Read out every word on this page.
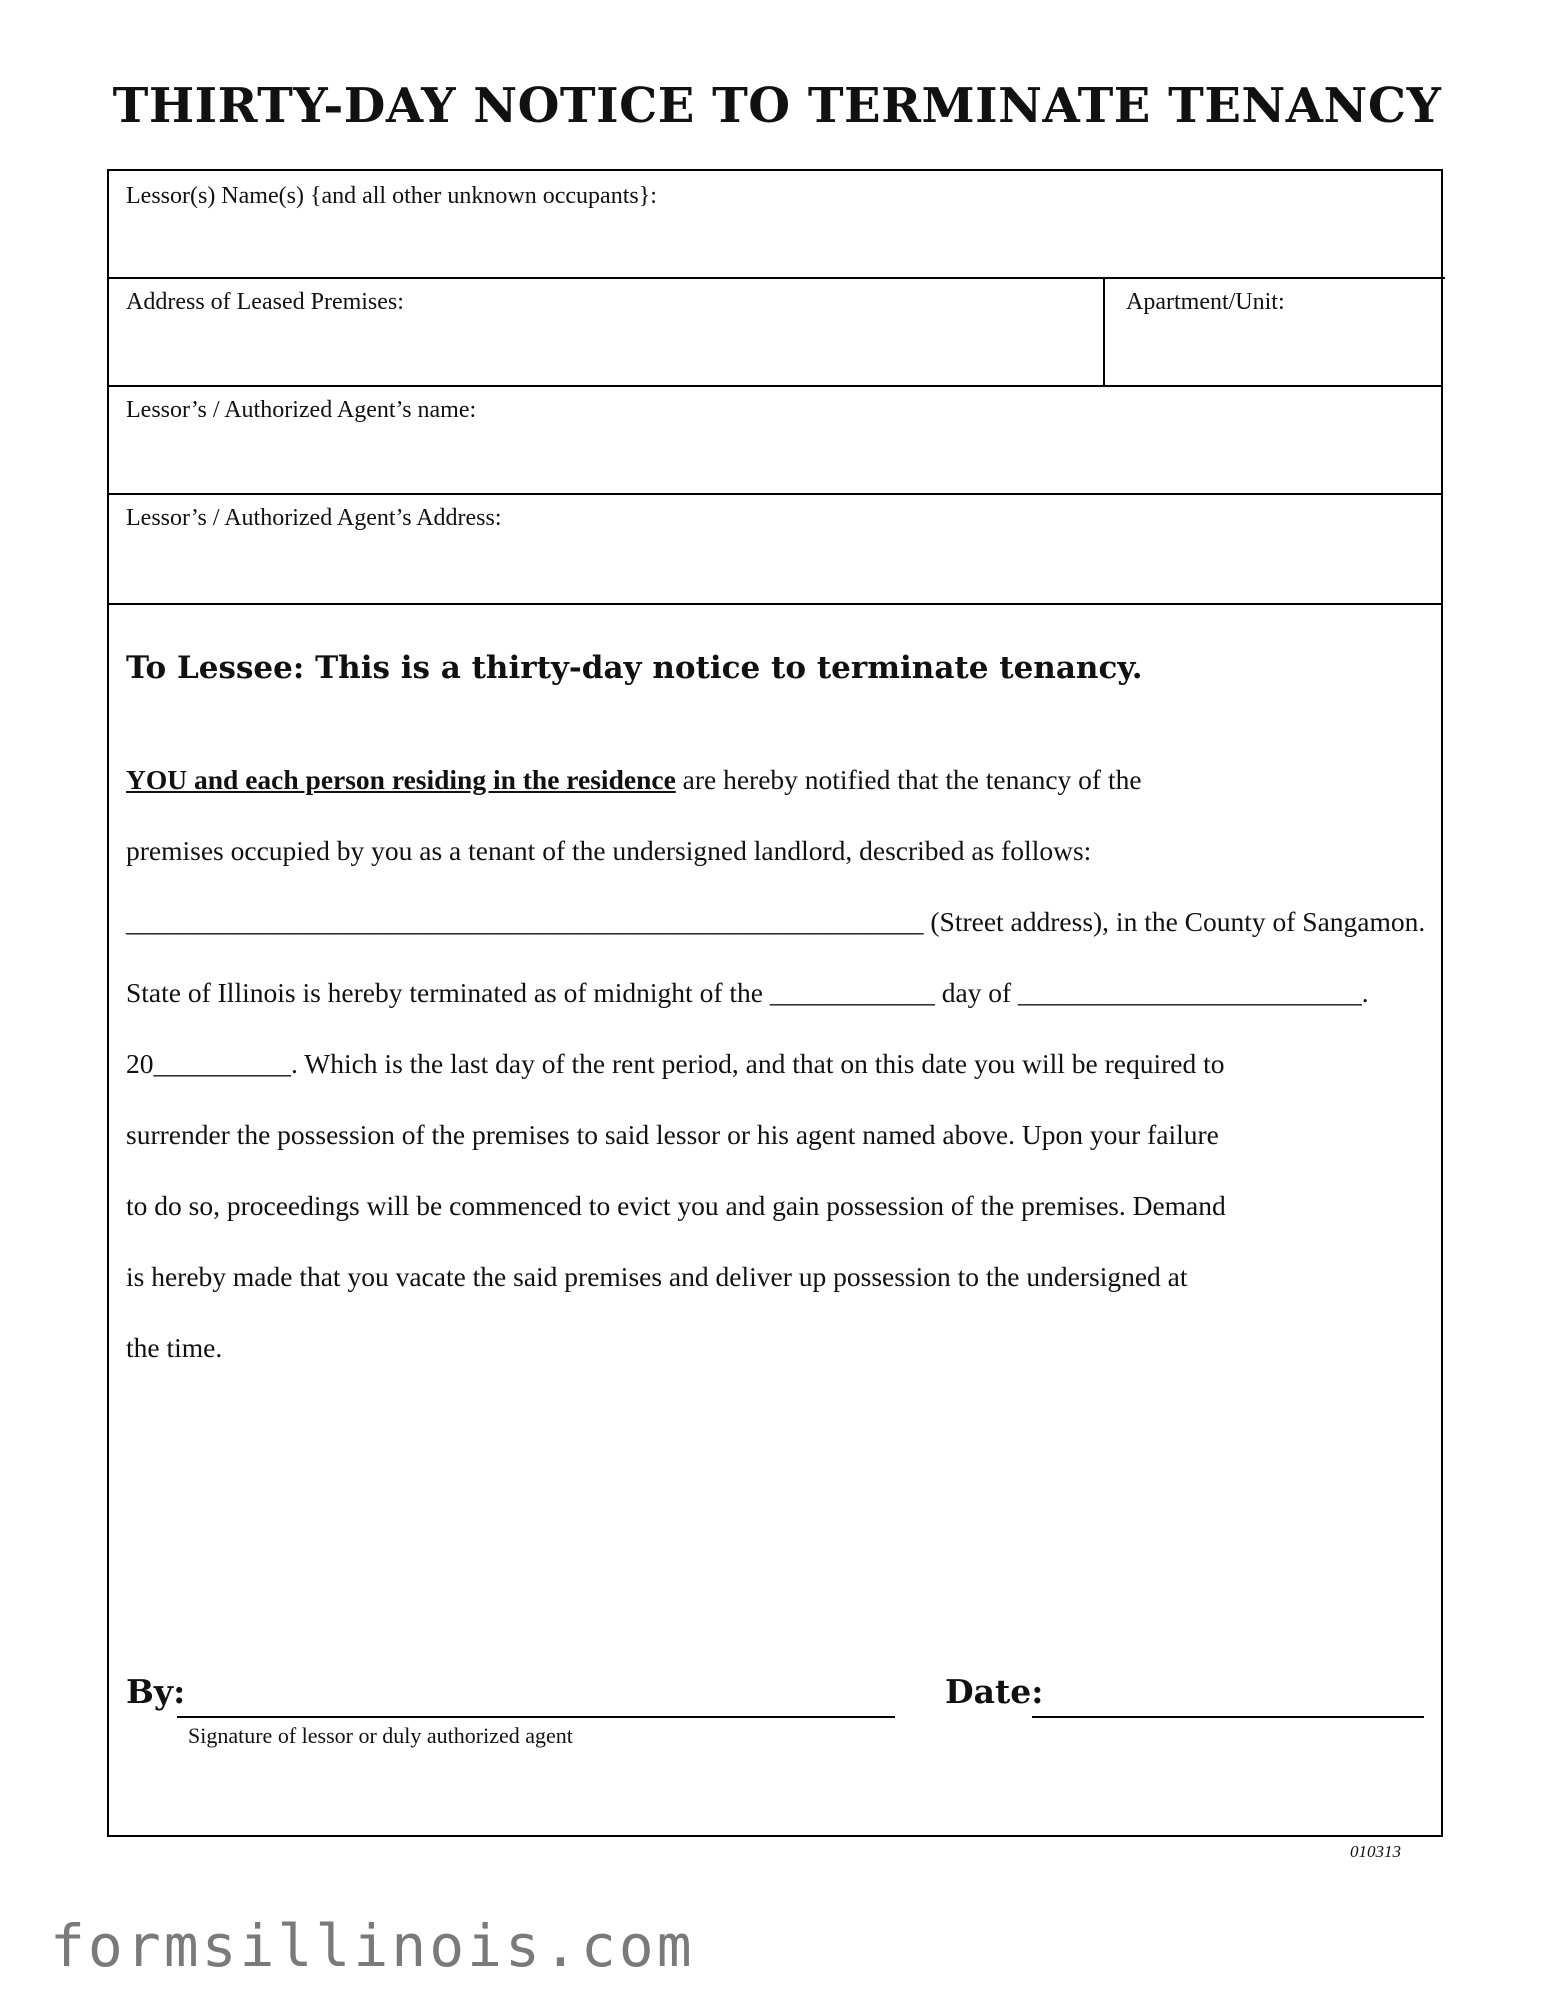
THIRTY-DAY NOTICE TO TERMINATE TENANCY
Lessor(s) Name(s) {and all other unknown occupants}:
Address of Leased Premises:	Apartment/Unit:
Lessor’s / Authorized Agent’s name:
Lessor’s / Authorized Agent’s Address:
To Lessee: This is a thirty-day notice to terminate tenancy.
YOU and each person residing in the residence are hereby notified that the tenancy of the
premises occupied by you as a tenant of the undersigned landlord, described as follows:
__________________________________________________________ (Street address), in the County of Sangamon.
State of Illinois is hereby terminated as of midnight of the ____________ day of _________________________.
20__________. Which is the last day of the rent period, and that on this date you will be required to
surrender the possession of the premises to said lessor or his agent named above. Upon your failure
to do so, proceedings will be commenced to evict you and gain possession of the premises. Demand
is hereby made that you vacate the said premises and deliver up possession to the undersigned at
the time.
By:
Signature of lessor or duly authorized agent
Date:
010313
formsillinois.com
